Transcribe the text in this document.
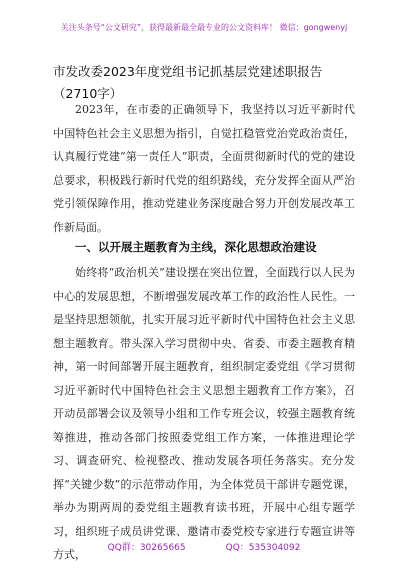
关注头条号“公文研究”，获得最新最全最专业的公文资料库！ 微信：gongwenyj
市发改委2023年度党组书记抓基层党建述职报告（2710字）

2023年，在市委的正确领导下，我坚持以习近平新时代中国特色社会主义思想为指引，自觉扛稳管党治党政治责任，认真履行党建“第一责任人”职责，全面贯彻新时代的党的建设总要求，积极践行新时代党的组织路线，充分发挥全面从严治党引领保障作用，推动党建业务深度融合努力开创发展改革工作新局面。

一、以开展主题教育为主线，深化思想政治建设

始终将“政治机关”建设摆在突出位置，全面践行以人民为中心的发展思想，不断增强发展改革工作的政治性人民性。一是坚持思想领航，扎实开展习近平新时代中国特色社会主义思想主题教育。带头深入学习贯彻中央、省委、市委主题教育精神，第一时间部署开展主题教育，组织制定委党组《学习贯彻习近平新时代中国特色社会主义思想主题教育工作方案》，召开动员部署会议及领导小组和工作专班会议，较强主题教育统筹推进，推动各部门按照委党组工作方案，一体推进理论学习、调查研究、检视整改、推动发展各项任务落实。充分发挥“关键少数”的示范带动作用，为全体党员干部讲专题党课，举办为期两周的委党组主题教育读书班，开展中心组专题学习，组织班子成员讲党课、邀请市委党校专家进行专题宣讲等方式，	QQ群：30265665	QQ：535304092
